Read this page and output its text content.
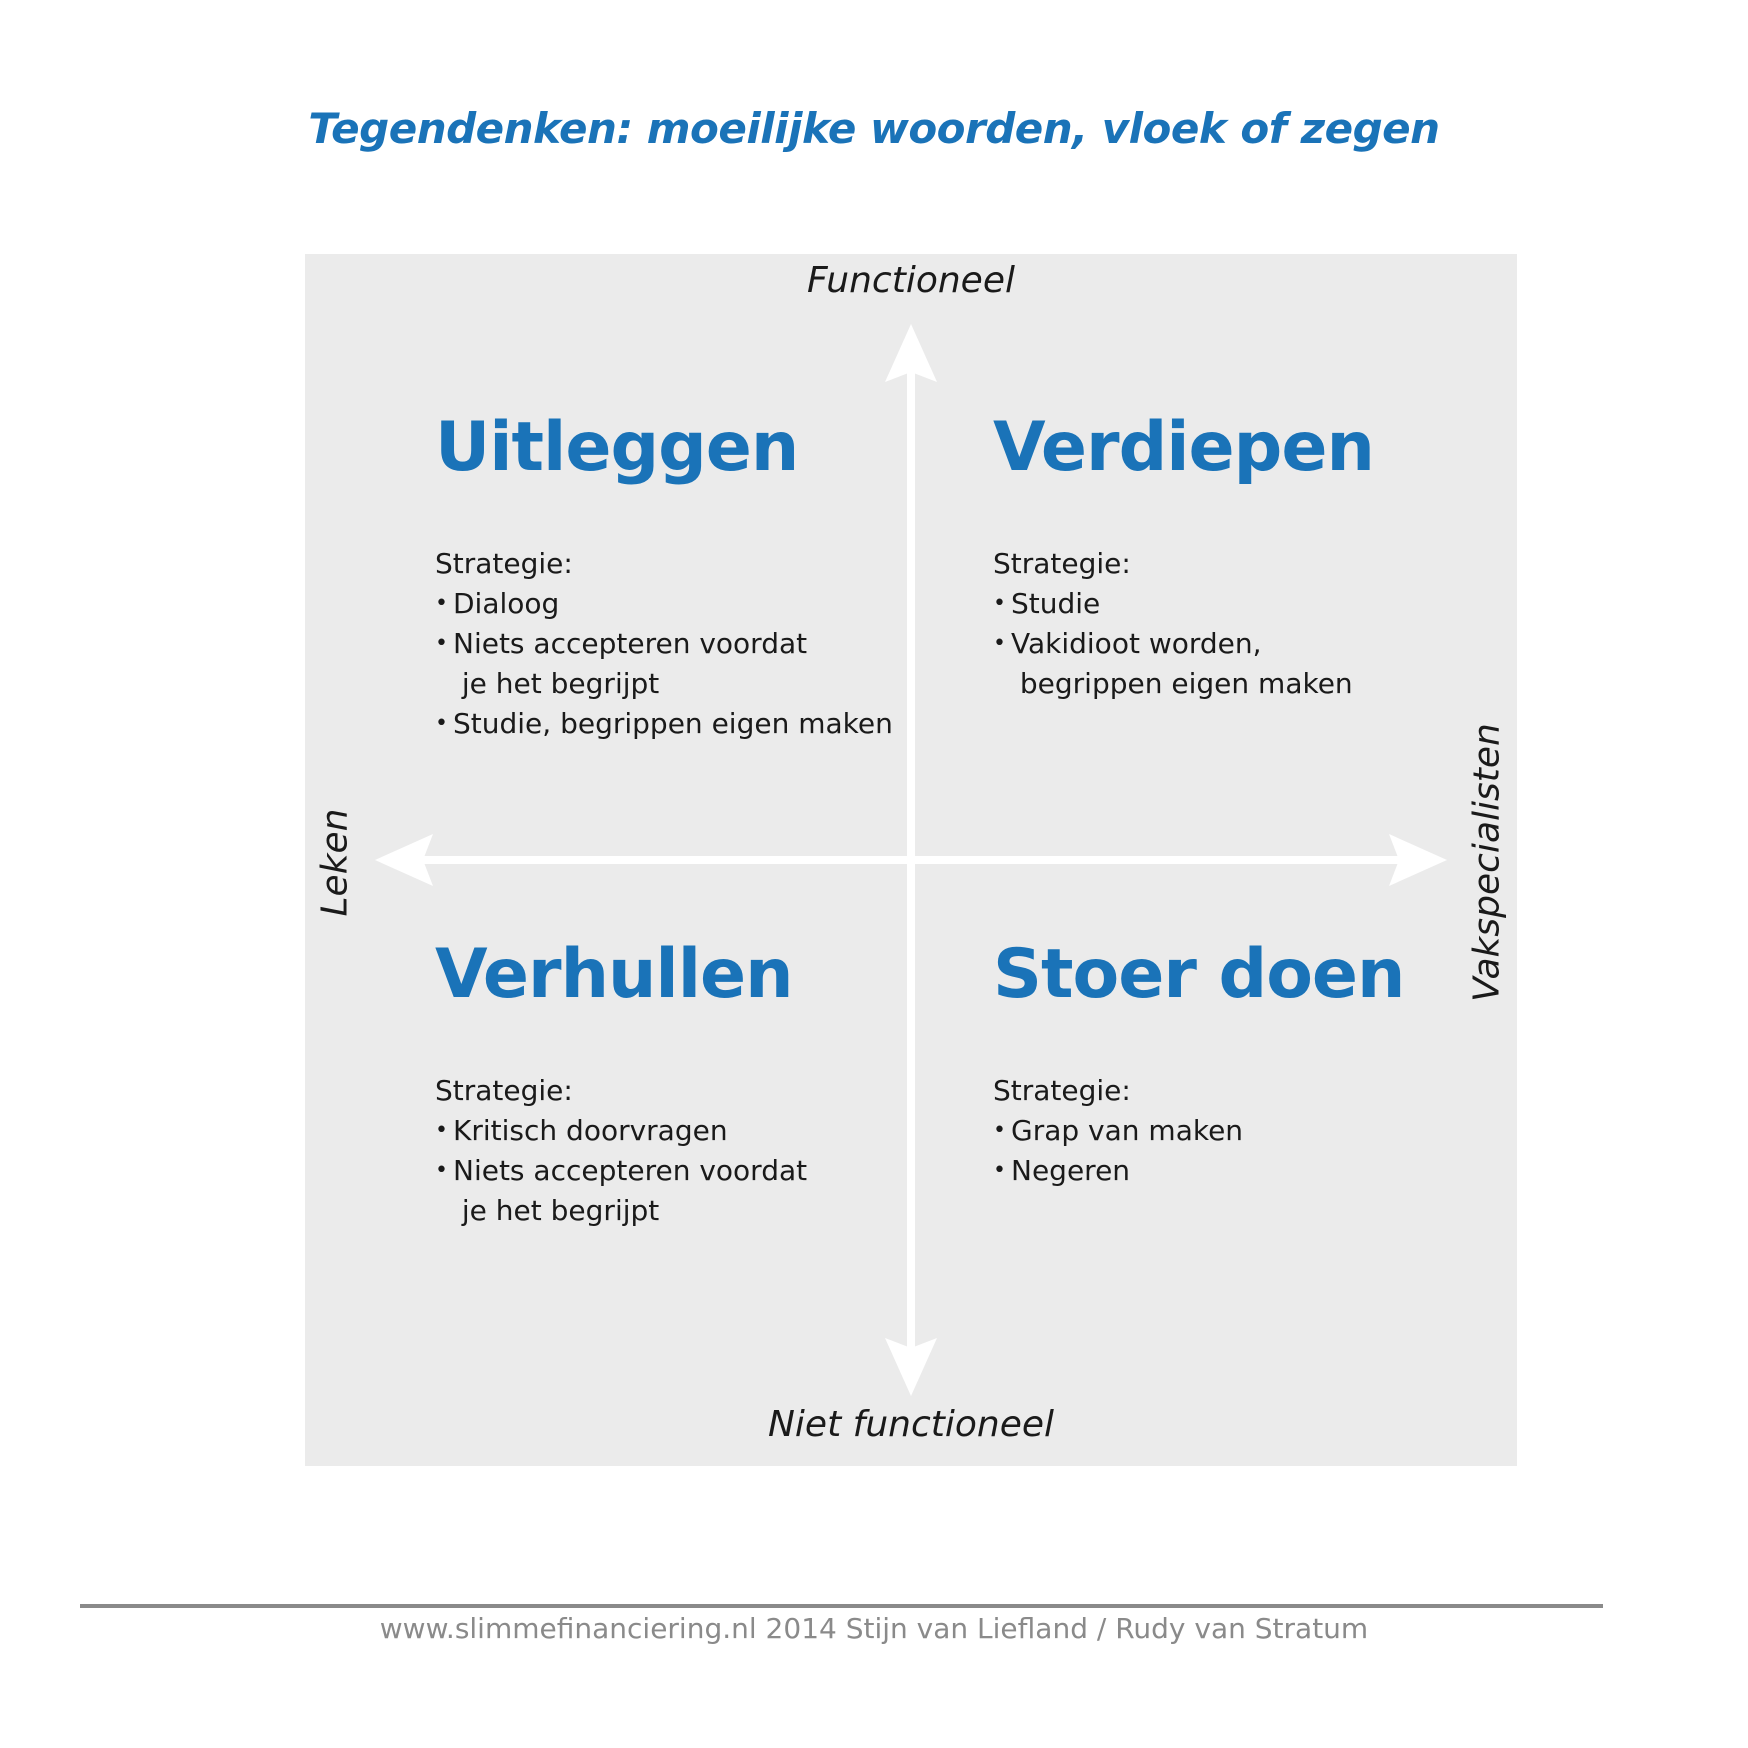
Tegendenken: moeilijke woorden, vloek of zegen
Functioneel
Niet functioneel
Leken	Vakspecialisten
Uitleggen
Strategie:
• Dialoog
• Niets accepteren voordat
je het begrijpt
• Studie, begrippen eigen maken
Verdiepen
Strategie:
• Studie
• Vakidioot worden,
begrippen eigen maken
Verhullen
Strategie:
• Kritisch doorvragen
• Niets accepteren voordat
je het begrijpt
Stoer doen
Strategie:
• Grap van maken
• Negeren
www.slimmefinanciering.nl 2014 Stijn van Liefland / Rudy van Stratum
